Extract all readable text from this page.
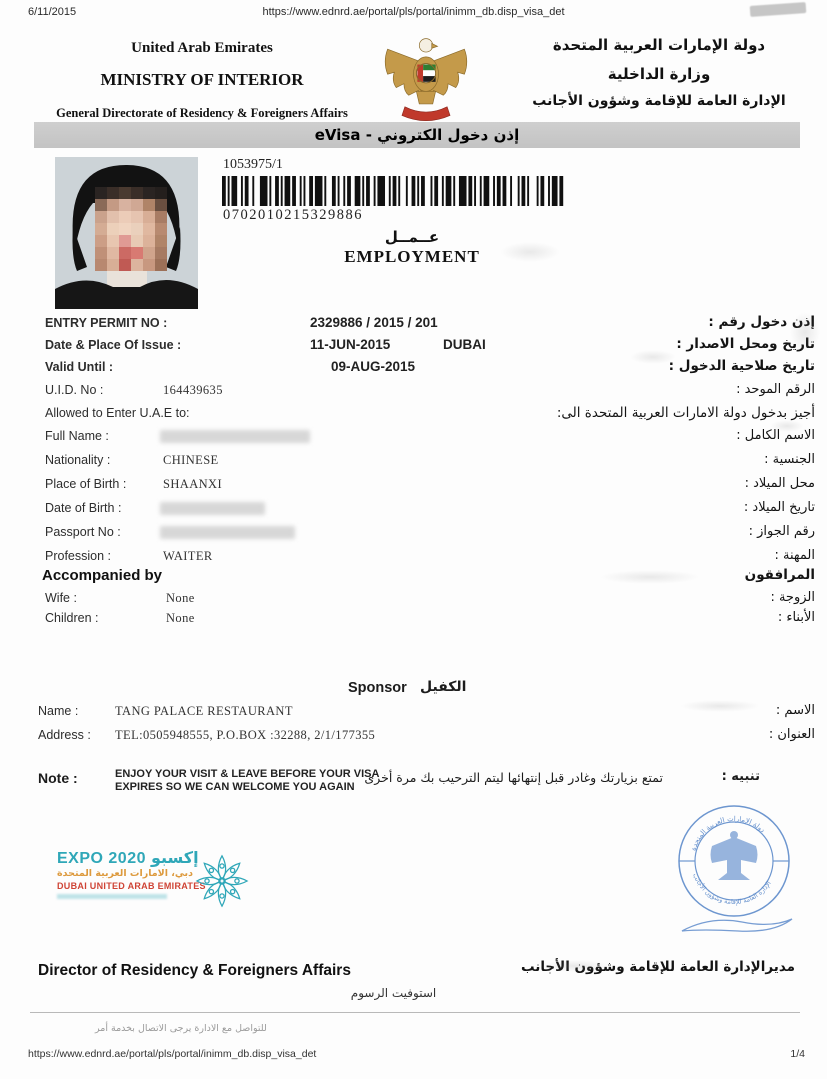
6/11/2015	https://www.ednrd.ae/portal/pls/portal/inimm_db.disp_visa_det
United Arab Emirates
MINISTRY OF INTERIOR
General Directorate of Residency & Foreigners Affairs
دولة الإمارات العربية المتحدة
وزارة الداخلية
الإدارة العامة للإقامة وشؤون الأجانب
إذن دخول الكتروني - eVisa
1053975/1
0702010215329886
عــمــل
EMPLOYMENT
ENTRY PERMIT NO :	2329886 / 2015 / 201	إذن دخول رقم :
Date & Place Of Issue :	11-JUN-2015	DUBAI	تاريخ ومحل الاصدار :
Valid Until :	09-AUG-2015	تاريخ صلاحية الدخول :
U.I.D. No :	164439635	الرقم الموحد :
Allowed to Enter U.A.E to:	أجيز بدخول دولة الامارات العربية المتحدة الى:
Full Name :	الاسم الكامل :
Nationality :	CHINESE	الجنسية :
Place of Birth :	SHAANXI	محل الميلاد :
Date of Birth :	تاريخ الميلاد :
Passport No :	رقم الجواز :
Profession :	WAITER	المهنة :
Accompanied by	المرافقون
Wife :	None	الزوجة :
Children :	None	الأبناء :
Sponsor الكفيل
Name :	TANG PALACE RESTAURANT	الاسم :
Address : TEL:0505948555, P.O.BOX :32288, 2/1/177355	العنوان :
Note :	ENJOY YOUR VISIT & LEAVE BEFORE YOUR VISA
EXPIRES SO WE CAN WELCOME YOU AGAIN
تمتع بزيارتك وغادر قبل إنتهائها ليتم الترحيب بك مرة أخرى	تنبيه :
EXPO 2020 إكسبو
دبي، الامارات العربية المتحدة
DUBAI UNITED ARAB EMIRATES
دولة الإمارات العربية المتحدة
الإدارة العامة للإقامة وشؤون الأجانب
Director of Residency & Foreigners Affairs	مديرالإدارة العامة للإقامة وشؤون الأجانب
استوفيت الرسوم
للتواصل مع الادارة يرجى الاتصال بخدمة أمر
https://www.ednrd.ae/portal/pls/portal/inimm_db.disp_visa_det	1/4
